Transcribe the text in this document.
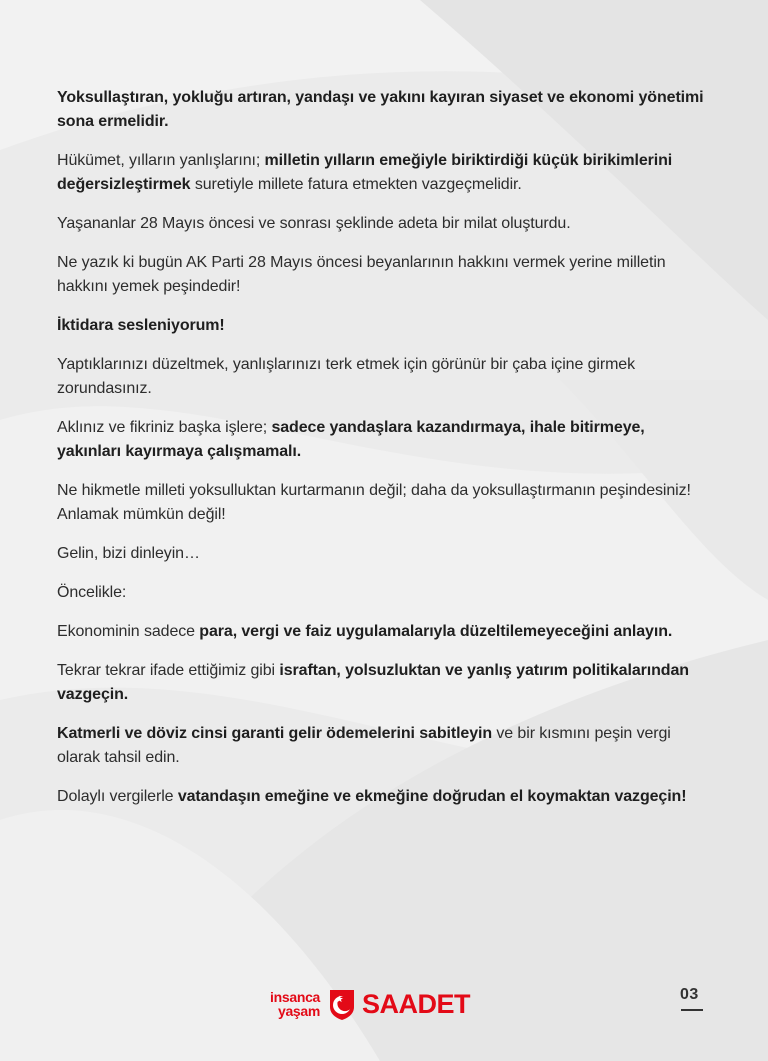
Yoksullaştıran, yokluğu artıran, yandaşı ve yakını kayıran siyaset ve ekonomi yönetimi sona ermelidir.

Hükümet, yılların yanlışlarını; milletin yılların emeğiyle biriktirdiği küçük birikimlerini değersizleştirmek suretiyle millete fatura etmekten vazgeçmelidir.

Yaşananlar 28 Mayıs öncesi ve sonrası şeklinde adeta bir milat oluşturdu.

Ne yazık ki bugün AK Parti 28 Mayıs öncesi beyanlarının hakkını vermek yerine milletin hakkını yemek peşindedir!

İktidara sesleniyorum!

Yaptıklarınızı düzeltmek, yanlışlarınızı terk etmek için görünür bir çaba içine girmek zorundasınız.

Aklınız ve fikriniz başka işlere; sadece yandaşlara kazandırmaya, ihale bitirmeye, yakınları kayırmaya çalışmamalı.

Ne hikmetle milleti yoksulluktan kurtarmanın değil; daha da yoksullaştırmanın peşindesiniz! Anlamak mümkün değil!

Gelin, bizi dinleyin…

Öncelikle:

Ekonominin sadece para, vergi ve faiz uygulamalarıyla düzeltilemeyeceğini anlayın.

Tekrar tekrar ifade ettiğimiz gibi israftan, yolsuzluktan ve yanlış yatırım politikalarından vazgeçin.

Katmerli ve döviz cinsi garanti gelir ödemelerini sabitleyin ve bir kısmını peşin vergi olarak tahsil edin.

Dolaylı vergilerle vatandaşın emeğine ve ekmeğine doğrudan el koymaktan vazgeçin!

insanca
yaşam SAADET	03
